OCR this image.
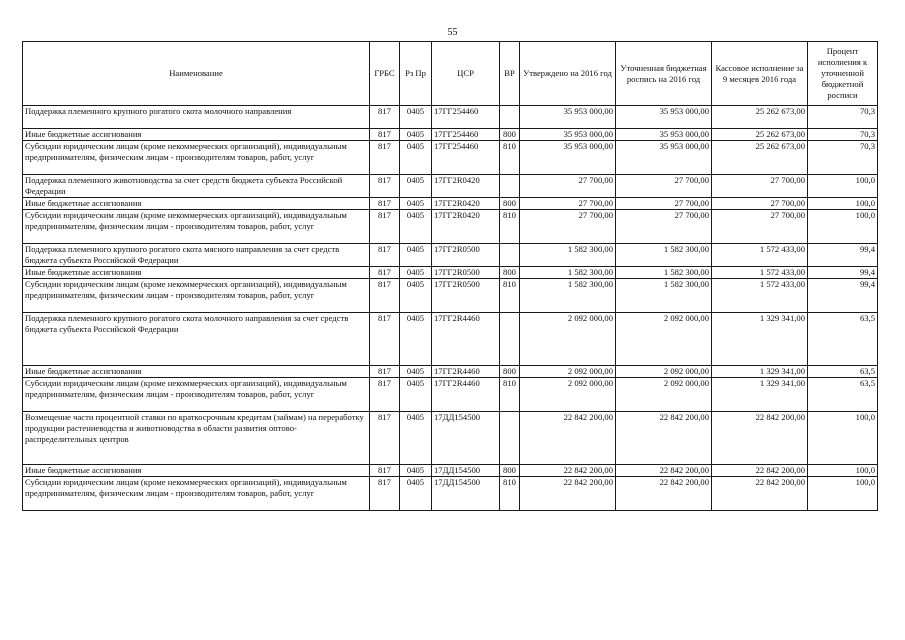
55
Наименование	ГРБС	Рз Пр	ЦСР	ВР	Утверждено на 2016 год	Уточненная бюджетная роспись на 2016 год	Кассовое исполнение за 9 месяцев 2016 года	Процент исполнения к уточненной бюджетной росписи
Поддержка племенного крупного рогатого скота молочного направления	817	0405	17ГГ254460		35 953 000,00	35 953 000,00	25 262 673,00	70,3
Иные бюджетные ассигнования	817	0405	17ГГ254460	800	35 953 000,00	35 953 000,00	25 262 673,00	70,3
Субсидии юридическим лицам (кроме некоммерческих организаций), индивидуальным предпринимателям, физическим лицам - производителям товаров, работ, услуг	817	0405	17ГГ254460	810	35 953 000,00	35 953 000,00	25 262 673,00	70,3
Поддержка племенного животноводства за счет средств бюджета субъекта Российской Федерации	817	0405	17ГГ2R0420		27 700,00	27 700,00	27 700,00	100,0
Иные бюджетные ассигнования	817	0405	17ГГ2R0420	800	27 700,00	27 700,00	27 700,00	100,0
Субсидии юридическим лицам (кроме некоммерческих организаций), индивидуальным предпринимателям, физическим лицам - производителям товаров, работ, услуг	817	0405	17ГГ2R0420	810	27 700,00	27 700,00	27 700,00	100,0
Поддержка племенного крупного рогатого скота мясного направления за счет средств бюджета субъекта Российской Федерации	817	0405	17ГГ2R0500		1 582 300,00	1 582 300,00	1 572 433,00	99,4
Иные бюджетные ассигнования	817	0405	17ГГ2R0500	800	1 582 300,00	1 582 300,00	1 572 433,00	99,4
Субсидии юридическим лицам (кроме некоммерческих организаций), индивидуальным предпринимателям, физическим лицам - производителям товаров, работ, услуг	817	0405	17ГГ2R0500	810	1 582 300,00	1 582 300,00	1 572 433,00	99,4
Поддержка племенного крупного рогатого скота молочного направления за счет средств бюджета субъекта Российской Федерации	817	0405	17ГГ2R4460		2 092 000,00	2 092 000,00	1 329 341,00	63,5
Иные бюджетные ассигнования	817	0405	17ГГ2R4460	800	2 092 000,00	2 092 000,00	1 329 341,00	63,5
Субсидии юридическим лицам (кроме некоммерческих организаций), индивидуальным предпринимателям, физическим лицам - производителям товаров, работ, услуг	817	0405	17ГГ2R4460	810	2 092 000,00	2 092 000,00	1 329 341,00	63,5
Возмещение части процентной ставки по краткосрочным кредитам (займам) на переработку продукции растениеводства и животноводства в области развития оптово-распределительных центров	817	0405	17ДД154500		22 842 200,00	22 842 200,00	22 842 200,00	100,0
Иные бюджетные ассигнования	817	0405	17ДД154500	800	22 842 200,00	22 842 200,00	22 842 200,00	100,0
Субсидии юридическим лицам (кроме некоммерческих организаций), индивидуальным предпринимателям, физическим лицам - производителям товаров, работ, услуг	817	0405	17ДД154500	810	22 842 200,00	22 842 200,00	22 842 200,00	100,0
